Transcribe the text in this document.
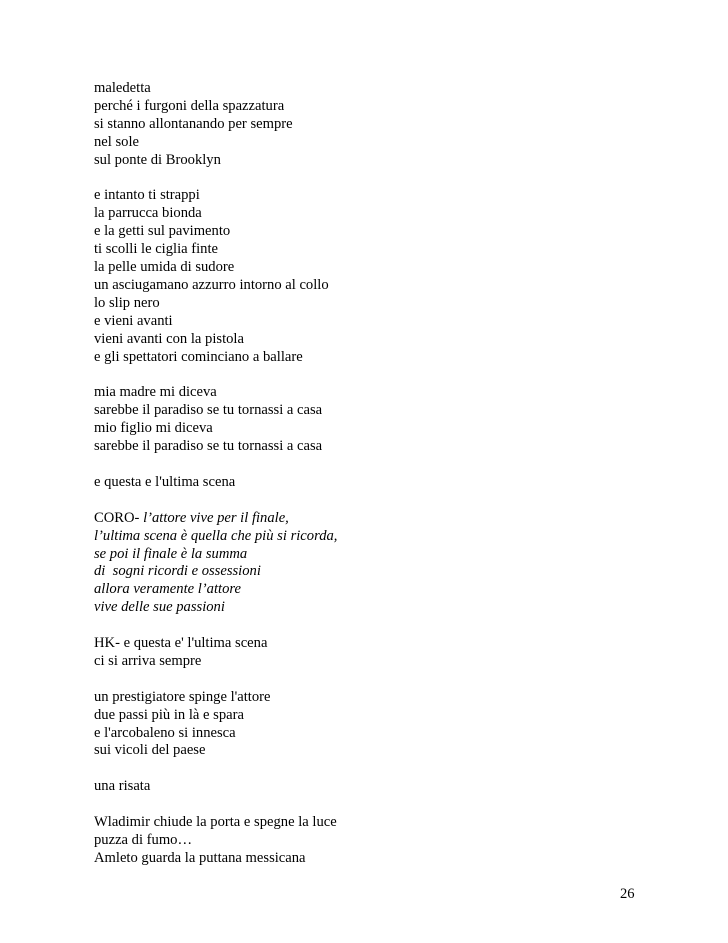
maledetta
perché i furgoni della spazzatura
si stanno allontanando per sempre
nel sole
sul ponte di Brooklyn
e intanto ti strappi
la parrucca bionda
e la getti sul pavimento
ti scolli le ciglia finte
la pelle umida di sudore
un asciugamano azzurro intorno al collo
lo slip nero
e vieni avanti
vieni avanti con la pistola
e gli spettatori cominciano a ballare
mia madre mi diceva
sarebbe il paradiso se tu tornassi a casa
mio figlio mi diceva
sarebbe il paradiso se tu tornassi a casa
e questa e l'ultima scena
CORO- l’attore vive per il finale,
l’ultima scena è quella che più si ricorda,
se poi il finale è la summa
di  sogni ricordi e ossessioni
allora veramente l’attore
vive delle sue passioni
HK- e questa e' l'ultima scena
ci si arriva sempre
un prestigiatore spinge l'attore
due passi più in là e spara
e l'arcobaleno si innesca
sui vicoli del paese
una risata
Wladimir chiude la porta e spegne la luce
puzza di fumo…
Amleto guarda la puttana messicana
26
